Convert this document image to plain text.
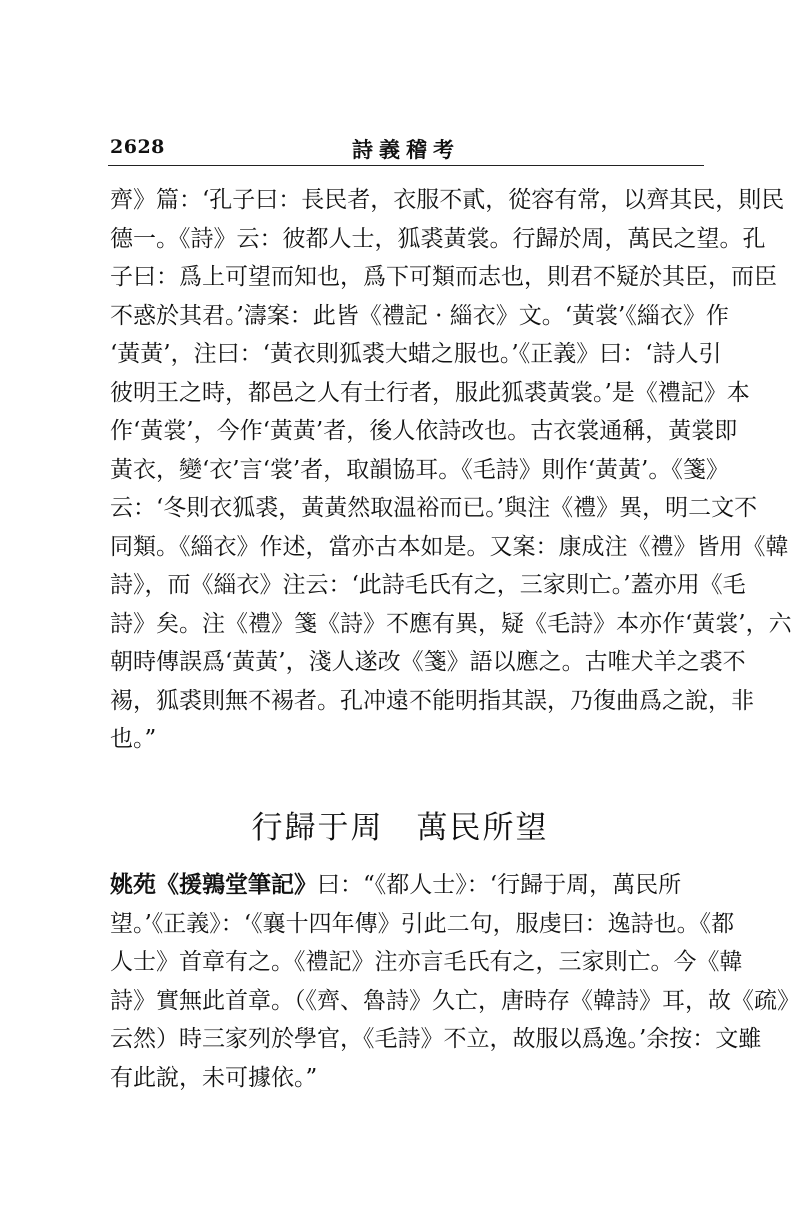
2628	詩義稽考
齊》篇：‘孔子曰：長民者，衣服不貳，從容有常，以齊其民，則民
德一。《詩》云：彼都人士，狐裘黃裳。行歸於周，萬民之望。孔
子曰：爲上可望而知也，爲下可類而志也，則君不疑於其臣，而臣
不惑於其君。’濤案：此皆《禮記 · 緇衣》文。‘黃裳’《緇衣》作
‘黃黃’，注曰：‘黃衣則狐裘大蜡之服也。’《正義》曰：‘詩人引
彼明王之時，都邑之人有士行者，服此狐裘黃裳。’是《禮記》本
作‘黃裳’，今作‘黃黃’者，後人依詩改也。古衣裳通稱，黃裳即
黃衣，變‘衣’言‘裳’者，取韻協耳。《毛詩》則作‘黃黃’。《箋》
云：‘冬則衣狐裘，黃黃然取温裕而已。’與注《禮》異，明二文不
同類。《緇衣》作述，當亦古本如是。又案：康成注《禮》皆用《韓
詩》，而《緇衣》注云：‘此詩毛氏有之，三家則亡。’蓋亦用《毛
詩》矣。注《禮》箋《詩》不應有異，疑《毛詩》本亦作‘黃裳’，六
朝時傳誤爲‘黃黃’，淺人遂改《箋》語以應之。古唯犬羊之裘不
裼，狐裘則無不裼者。孔冲遠不能明指其誤，乃復曲爲之說，非
也。”
行歸于周　萬民所望
姚苑《援鶉堂筆記》曰：“《都人士》：‘行歸于周，萬民所
望。’《正義》：‘《襄十四年傳》引此二句，服虔曰：逸詩也。《都
人士》首章有之。《禮記》注亦言毛氏有之，三家則亡。今《韓
詩》實無此首章。（《齊、魯詩》久亡，唐時存《韓詩》耳，故《疏》
云然）時三家列於學官，《毛詩》不立，故服以爲逸。’余按：文雖
有此說，未可據依。”
